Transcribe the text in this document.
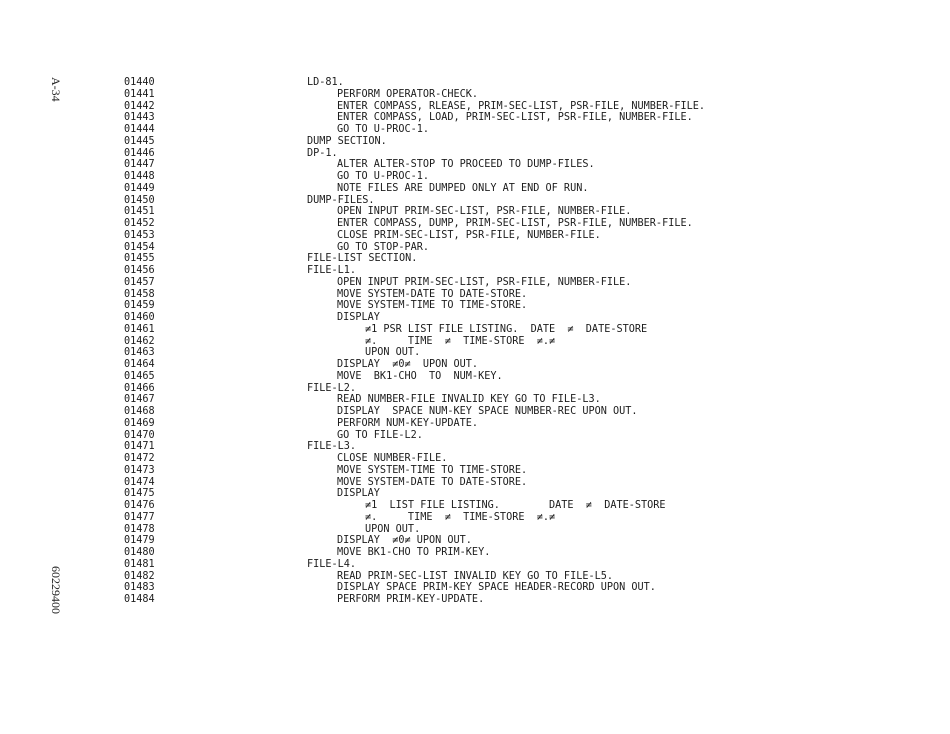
A-34
60229400
01440	LD-81.
01441	PERFORM OPERATOR-CHECK.
01442	ENTER COMPASS, RLEASE, PRIM-SEC-LIST, PSR-FILE, NUMBER-FILE.
01443	ENTER COMPASS, LOAD, PRIM-SEC-LIST, PSR-FILE, NUMBER-FILE.
01444	GO TO U-PROC-1.
01445	DUMP SECTION.
01446	DP-1.
01447	ALTER ALTER-STOP TO PROCEED TO DUMP-FILES.
01448	GO TO U-PROC-1.
01449	NOTE FILES ARE DUMPED ONLY AT END OF RUN.
01450	DUMP-FILES.
01451	OPEN INPUT PRIM-SEC-LIST, PSR-FILE, NUMBER-FILE.
01452	ENTER COMPASS, DUMP, PRIM-SEC-LIST, PSR-FILE, NUMBER-FILE.
01453	CLOSE PRIM-SEC-LIST, PSR-FILE, NUMBER-FILE.
01454	GO TO STOP-PAR.
01455	FILE-LIST SECTION.
01456	FILE-L1.
01457	OPEN INPUT PRIM-SEC-LIST, PSR-FILE, NUMBER-FILE.
01458	MOVE SYSTEM-DATE TO DATE-STORE.
01459	MOVE SYSTEM-TIME TO TIME-STORE.
01460	DISPLAY
01461	≠1 PSR LIST FILE LISTING.  DATE  ≠  DATE-STORE
01462	≠.     TIME  ≠  TIME-STORE  ≠.≠
01463	UPON OUT.
01464	DISPLAY  ≠0≠  UPON OUT.
01465	MOVE  BK1-CHO  TO  NUM-KEY.
01466	FILE-L2.
01467	READ NUMBER-FILE INVALID KEY GO TO FILE-L3.
01468	DISPLAY  SPACE NUM-KEY SPACE NUMBER-REC UPON OUT.
01469	PERFORM NUM-KEY-UPDATE.
01470	GO TO FILE-L2.
01471	FILE-L3.
01472	CLOSE NUMBER-FILE.
01473	MOVE SYSTEM-TIME TO TIME-STORE.
01474	MOVE SYSTEM-DATE TO DATE-STORE.
01475	DISPLAY
01476	≠1  LIST FILE LISTING.        DATE  ≠  DATE-STORE
01477	≠.     TIME  ≠  TIME-STORE  ≠.≠
01478	UPON OUT.
01479	DISPLAY  ≠0≠ UPON OUT.
01480	MOVE BK1-CHO TO PRIM-KEY.
01481	FILE-L4.
01482	READ PRIM-SEC-LIST INVALID KEY GO TO FILE-L5.
01483	DISPLAY SPACE PRIM-KEY SPACE HEADER-RECORD UPON OUT.
01484	PERFORM PRIM-KEY-UPDATE.
